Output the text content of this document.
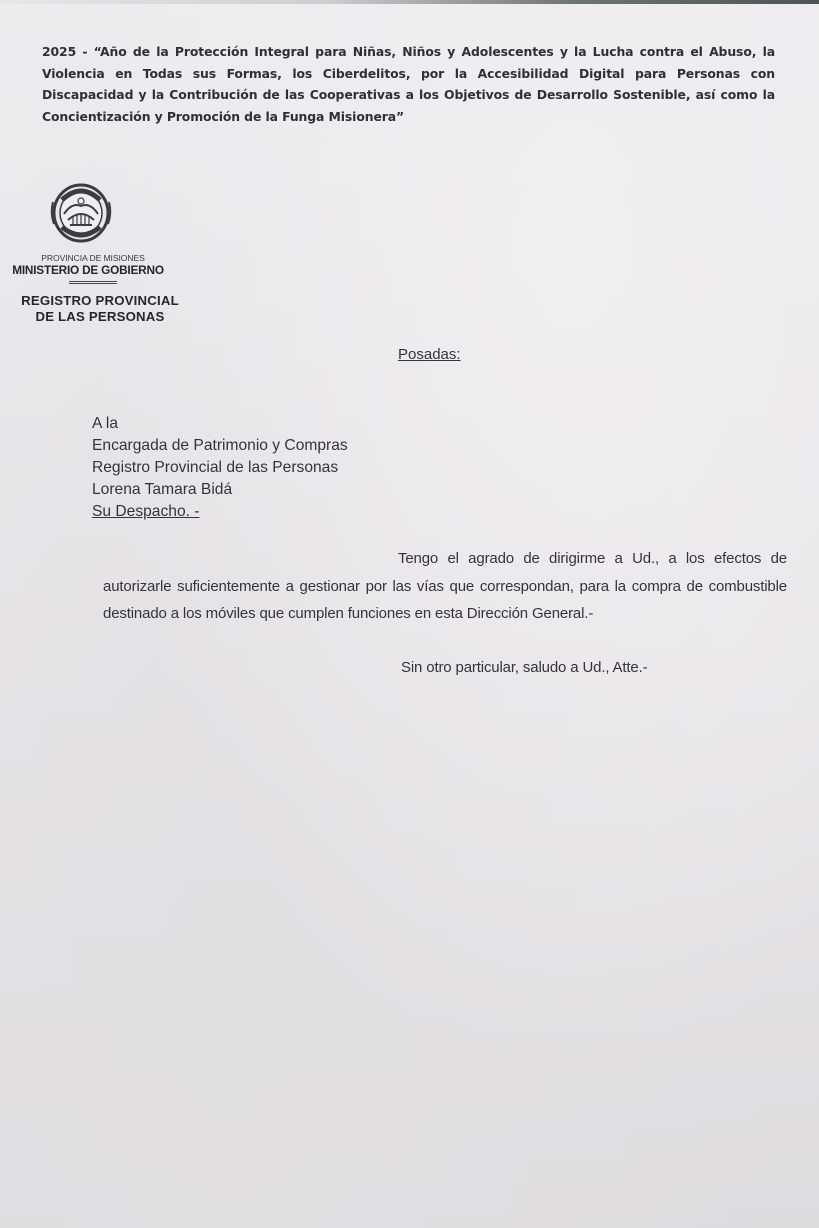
2025 - “Año de la Protección Integral para Niñas, Niños y Adolescentes y la Lucha contra el Abuso, la Violencia en Todas sus Formas, los Ciberdelitos, por la Accesibilidad Digital para Personas con Discapacidad y la Contribución de las Cooperativas a los Objetivos de Desarrollo Sostenible, así como la Concientización y Promoción de la Funga Misionera”
PROVINCIA DE MISIONES
MINISTERIO DE GOBIERNO
REGISTRO PROVINCIAL
DE LAS PERSONAS
Posadas:
A la
Encargada de Patrimonio y Compras
Registro Provincial de las Personas
Lorena Tamara Bidá
Su Despacho. -
Tengo el agrado de dirigirme a Ud., a los efectos de autorizarle suficientemente a gestionar por las vías que correspondan, para la compra de combustible destinado a los móviles que cumplen funciones en esta Dirección General.-
Sin otro particular, saludo a Ud., Atte.-
